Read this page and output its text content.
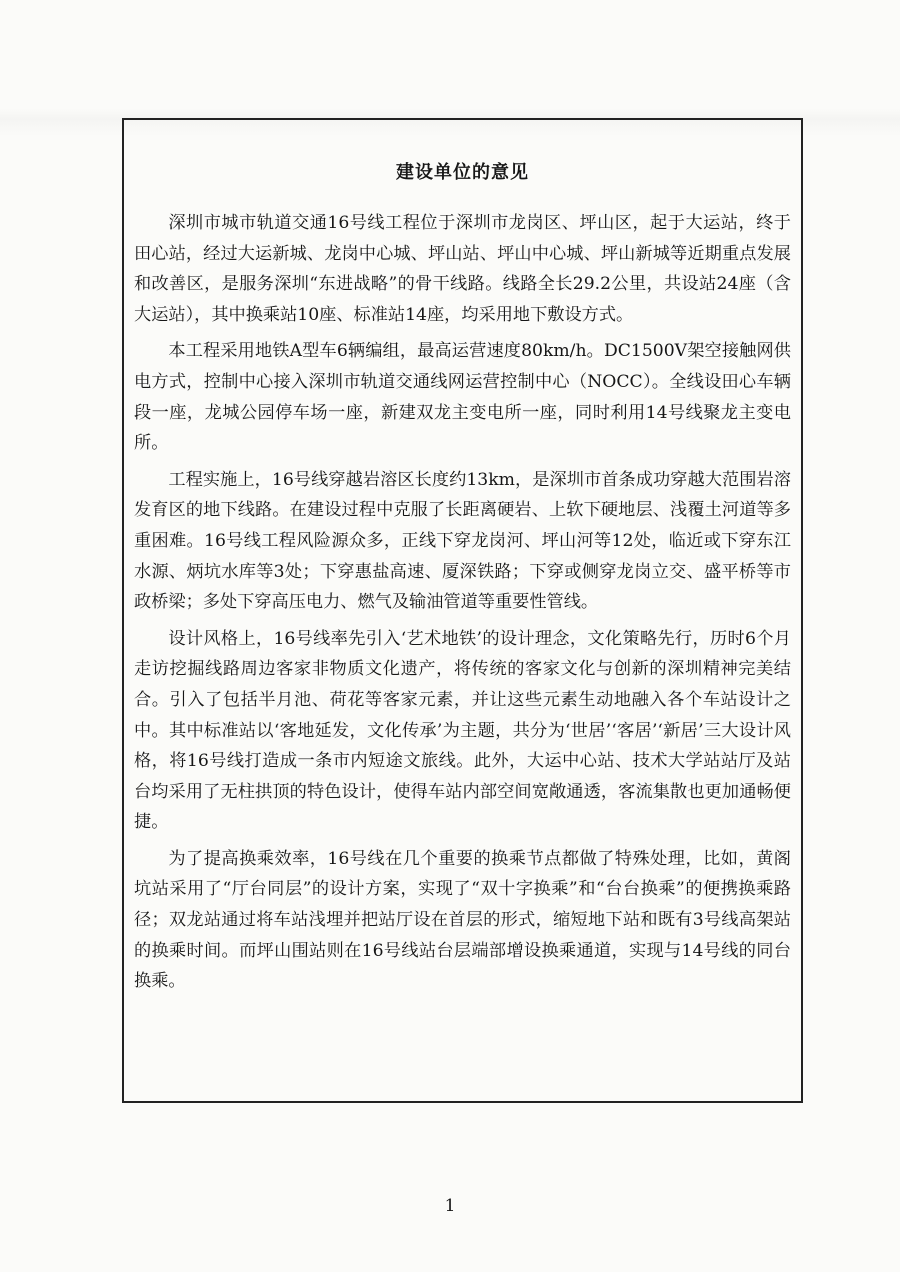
建设单位的意见

深圳市城市轨道交通16号线工程位于深圳市龙岗区、坪山区，起于大运站，终于田心站，经过大运新城、龙岗中心城、坪山站、坪山中心城、坪山新城等近期重点发展和改善区，是服务深圳“东进战略”的骨干线路。线路全长29.2公里，共设站24座（含大运站），其中换乘站10座、标准站14座，均采用地下敷设方式。

本工程采用地铁A型车6辆编组，最高运营速度80km/h。DC1500V架空接触网供电方式，控制中心接入深圳市轨道交通线网运营控制中心（NOCC）。全线设田心车辆段一座，龙城公园停车场一座，新建双龙主变电所一座，同时利用14号线聚龙主变电所。

工程实施上，16号线穿越岩溶区长度约13km，是深圳市首条成功穿越大范围岩溶发育区的地下线路。在建设过程中克服了长距离硬岩、上软下硬地层、浅覆土河道等多重困难。16号线工程风险源众多，正线下穿龙岗河、坪山河等12处，临近或下穿东江水源、炳坑水库等3处；下穿惠盐高速、厦深铁路；下穿或侧穿龙岗立交、盛平桥等市政桥梁；多处下穿高压电力、燃气及输油管道等重要性管线。

设计风格上，16号线率先引入‘艺术地铁’的设计理念，文化策略先行，历时6个月走访挖掘线路周边客家非物质文化遗产，将传统的客家文化与创新的深圳精神完美结合。引入了包括半月池、荷花等客家元素，并让这些元素生动地融入各个车站设计之中。其中标准站以‘客地延发，文化传承’为主题，共分为‘世居’‘客居’‘新居’三大设计风格，将16号线打造成一条市内短途文旅线。此外，大运中心站、技术大学站站厅及站台均采用了无柱拱顶的特色设计，使得车站内部空间宽敞通透，客流集散也更加通畅便捷。

为了提高换乘效率，16号线在几个重要的换乘节点都做了特殊处理，比如，黄阁坑站采用了“厅台同层”的设计方案，实现了“双十字换乘”和“台台换乘”的便携换乘路径；双龙站通过将车站浅埋并把站厅设在首层的形式，缩短地下站和既有3号线高架站的换乘时间。而坪山围站则在16号线站台层端部增设换乘通道，实现与14号线的同台换乘。

1
